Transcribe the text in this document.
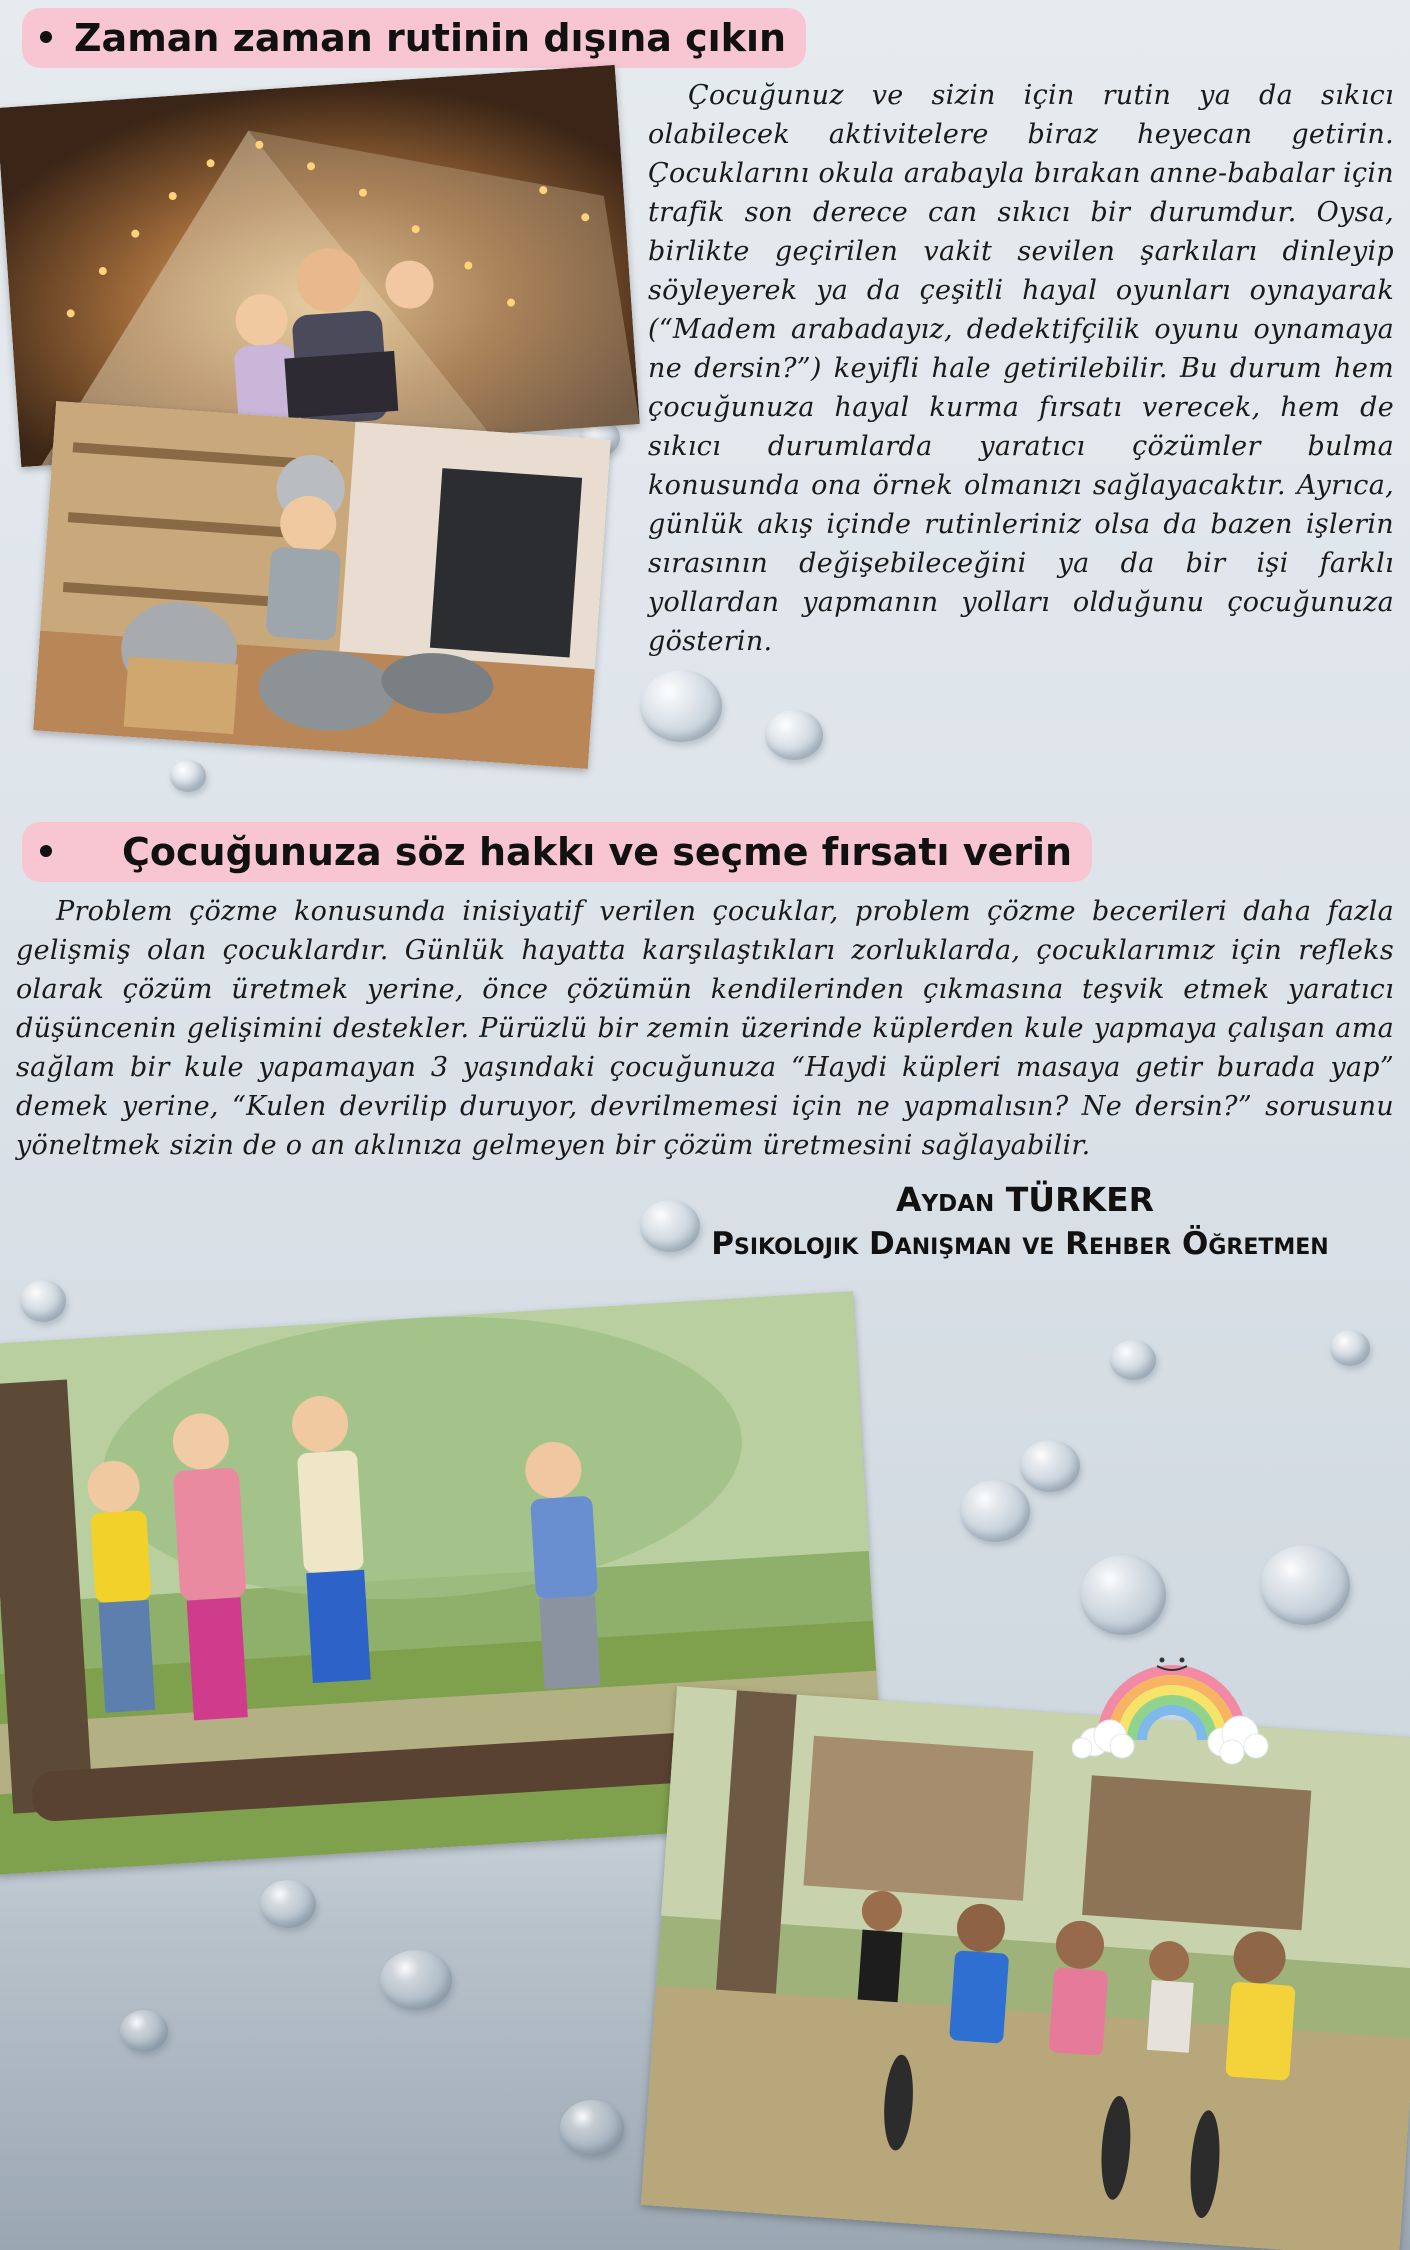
Zaman zaman rutinin dışına çıkın

Çocuğunuz ve sizin için rutin ya da sıkıcı olabilecek aktivitelere biraz heyecan getirin. Çocuklarını okula arabayla bırakan anne-babalar için trafik son derece can sıkıcı bir durumdur. Oysa, birlikte geçirilen vakit sevilen şarkıları dinleyip söyleyerek ya da çeşitli hayal oyunları oynayarak (“Madem arabadayız, dedektifçilik oyunu oynamaya ne dersin?”) keyifli hale getirilebilir. Bu durum hem çocuğunuza hayal kurma fırsatı verecek, hem de sıkıcı durumlarda yaratıcı çözümler bulma konusunda ona örnek olmanızı sağlayacaktır. Ayrıca, günlük akış içinde rutinleriniz olsa da bazen işlerin sırasının değişebileceğini ya da bir işi farklı yollardan yapmanın yolları olduğunu çocuğunuza gösterin.

Çocuğunuza söz hakkı ve seçme fırsatı verin

Problem çözme konusunda inisiyatif verilen çocuklar, problem çözme becerileri daha fazla gelişmiş olan çocuklardır. Günlük hayatta karşılaştıkları zorluklarda, çocuklarımız için refleks olarak çözüm üretmek yerine, önce çözümün kendilerinden çıkmasına teşvik etmek yaratıcı düşüncenin gelişimini destekler. Pürüzlü bir zemin üzerinde küplerden kule yapmaya çalışan ama sağlam bir kule yapamayan 3 yaşındaki çocuğunuza “Haydi küpleri masaya getir burada yap” demek yerine, “Kulen devrilip duruyor, devrilmemesi için ne yapmalısın? Ne dersin?” sorusunu yöneltmek sizin de o an aklınıza gelmeyen bir çözüm üretmesini sağlayabilir.

Aydan TÜRKER
Psikolojik Danışman ve Rehber Öğretmen
